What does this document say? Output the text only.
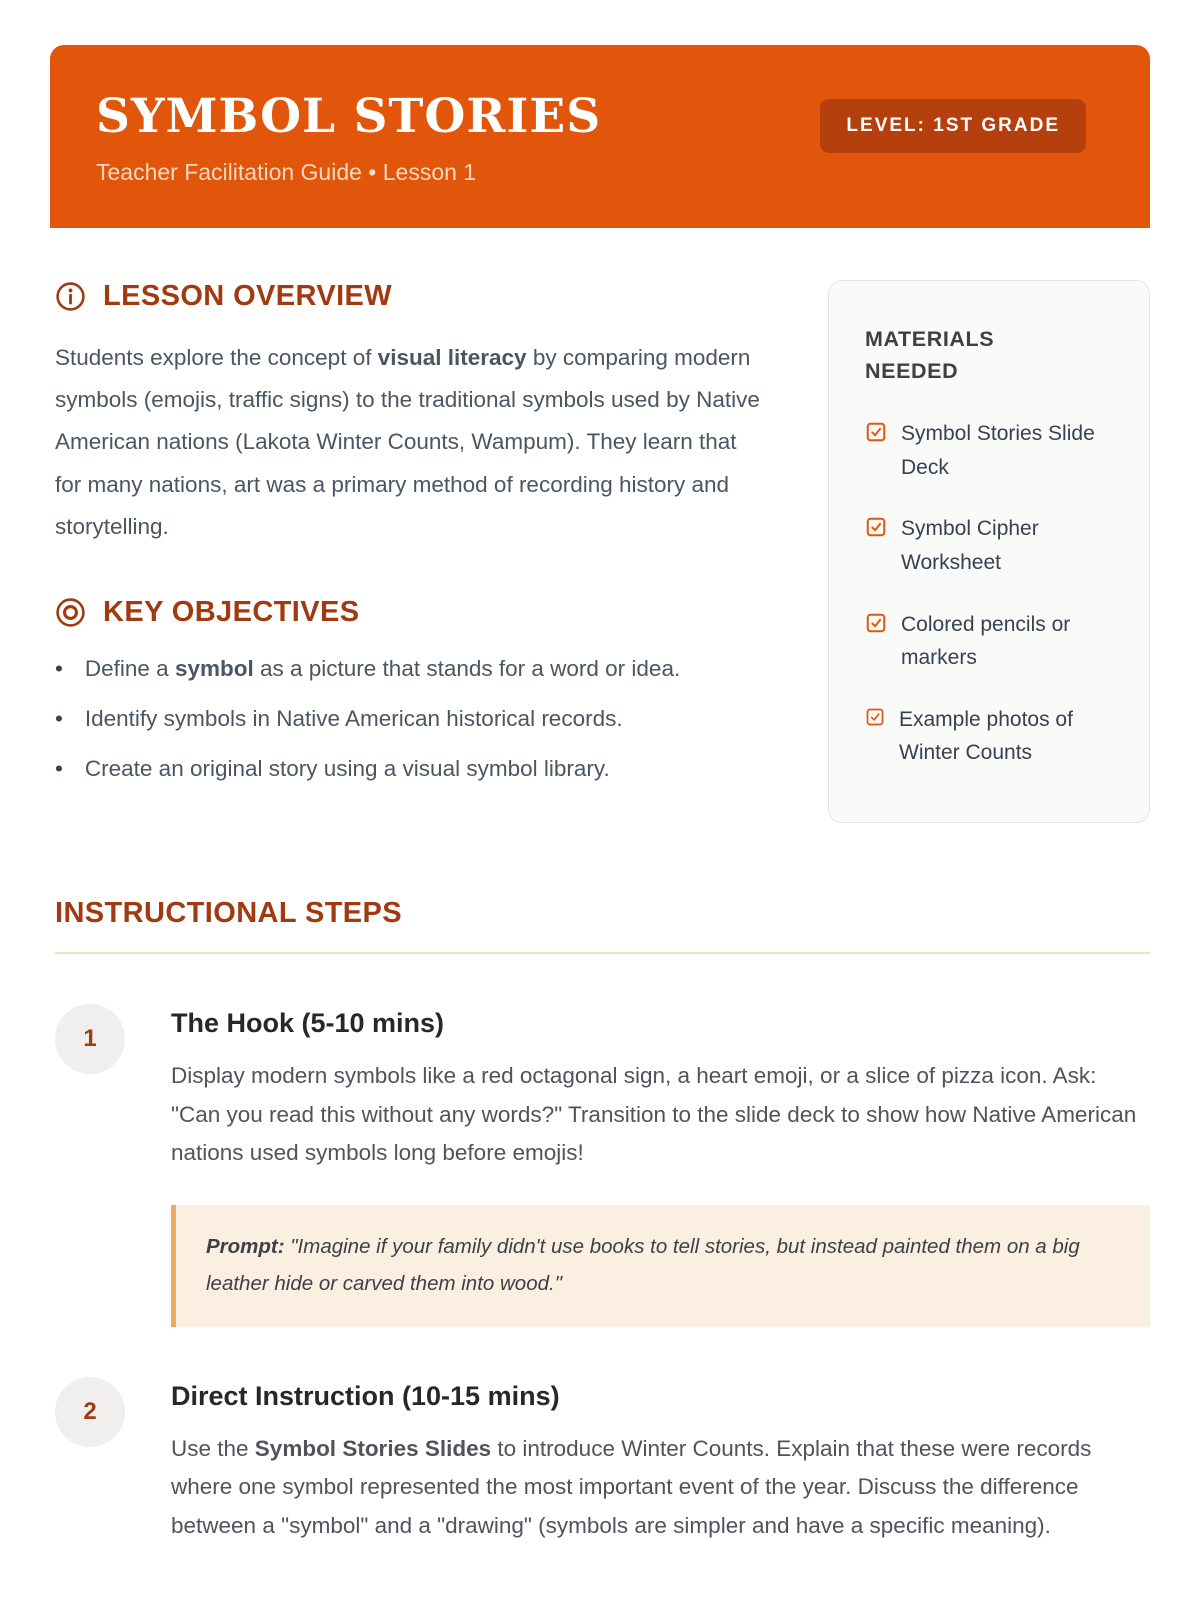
SYMBOL STORIES

Teacher Facilitation Guide • Lesson 1

LEVEL: 1ST GRADE
LESSON OVERVIEW

Students explore the concept of visual literacy by comparing modern symbols (emojis, traffic signs) to the traditional symbols used by Native American nations (Lakota Winter Counts, Wampum). They learn that for many nations, art was a primary method of recording history and storytelling.

KEY OBJECTIVES
• Define a symbol as a picture that stands for a word or idea.
• Identify symbols in Native American historical records.
• Create an original story using a visual symbol library.
MATERIALS NEEDED
Symbol Stories Slide Deck
Symbol Cipher Worksheet
Colored pencils or markers
Example photos of Winter Counts
INSTRUCTIONAL STEPS
1
The Hook (5-10 mins)

Display modern symbols like a red octagonal sign, a heart emoji, or a slice of pizza icon. Ask: "Can you read this without any words?" Transition to the slide deck to show how Native American nations used symbols long before emojis!

Prompt: "Imagine if your family didn't use books to tell stories, but instead painted them on a big leather hide or carved them into wood."
2
Direct Instruction (10-15 mins)

Use the Symbol Stories Slides to introduce Winter Counts. Explain that these were records where one symbol represented the most important event of the year. Discuss the difference between a "symbol" and a "drawing" (symbols are simpler and have a specific meaning).
